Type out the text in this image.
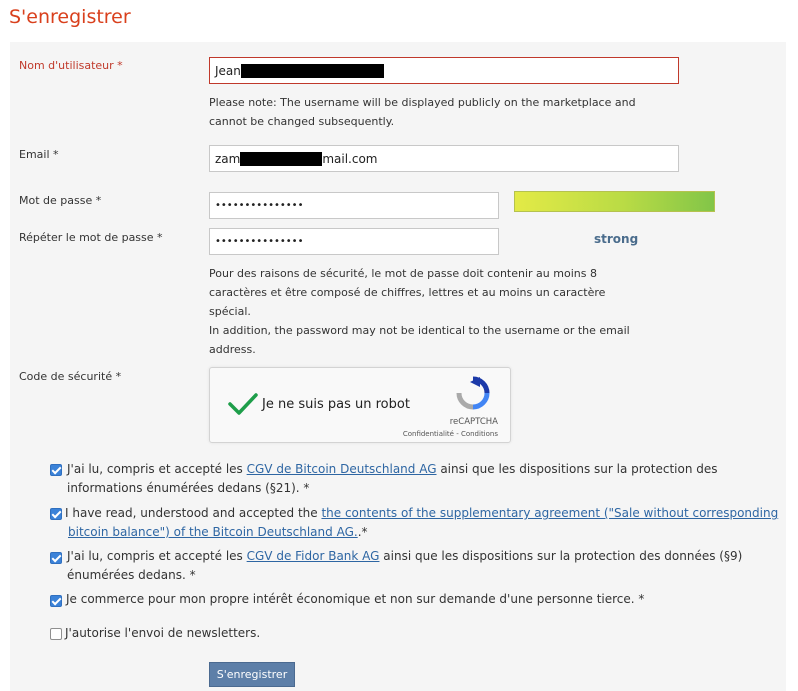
S'enregistrer
Nom d'utilisateur *	Jean
Please note: The username will be displayed publicly on the marketplace and
cannot be changed subsequently.
Email *	zam	mail.com
Mot de passe *	•••••••••••••••
Répéter le mot de passe *	•••••••••••••••	strong
Pour des raisons de sécurité, le mot de passe doit contenir au moins 8
caractères et être composé de chiffres, lettres et au moins un caractère
spécial.
In addition, the password may not be identical to the username or the email
address.
Code de sécurité *
Je ne suis pas un robot
reCAPTCHA
Confidentialité - Conditions
J'ai lu, compris et accepté les CGV de Bitcoin Deutschland AG ainsi que les dispositions sur la protection des
informations énumérées dedans (§21). *
I have read, understood and accepted the the contents of the supplementary agreement ("Sale without corresponding
bitcoin balance") of the Bitcoin Deutschland AG..*
J'ai lu, compris et accepté les CGV de Fidor Bank AG ainsi que les dispositions sur la protection des données (§9)
énumérées dedans. *
Je commerce pour mon propre intérêt économique et non sur demande d'une personne tierce. *
J'autorise l'envoi de newsletters.
S'enregistrer
